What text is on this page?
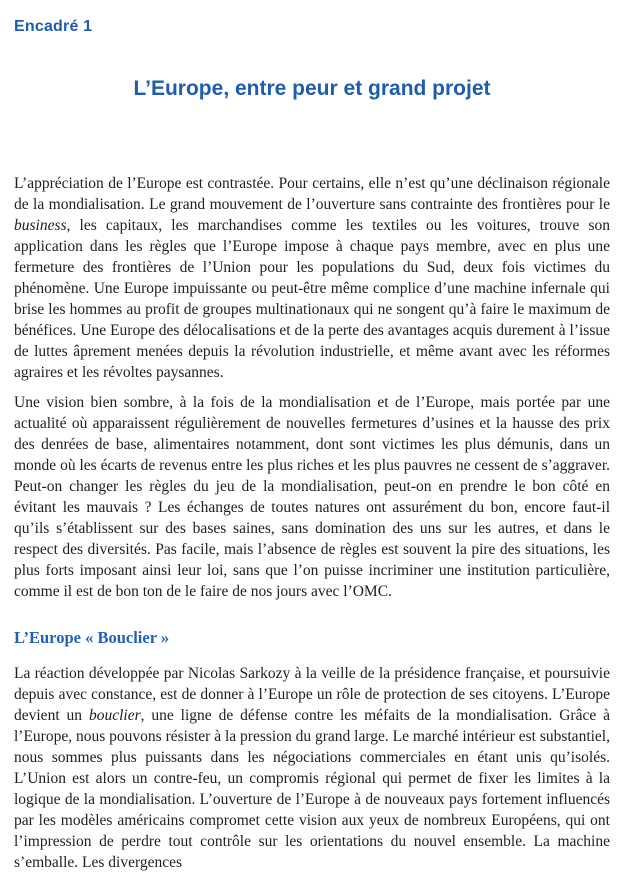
Encadré 1
L’Europe, entre peur et grand projet

L’appréciation de l’Europe est contrastée. Pour certains, elle n’est qu’une déclinaison régionale de la mondialisation. Le grand mouvement de l’ouverture sans contrainte des frontières pour le business, les capitaux, les marchandises comme les textiles ou les voitures, trouve son application dans les règles que l’Europe impose à chaque pays membre, avec en plus une fermeture des frontières de l’Union pour les populations du Sud, deux fois victimes du phénomène. Une Europe impuissante ou peut-être même complice d’une machine infernale qui brise les hommes au profit de groupes multinationaux qui ne songent qu’à faire le maximum de bénéfices. Une Europe des délocalisations et de la perte des avantages acquis durement à l’issue de luttes âprement menées depuis la révolution industrielle, et même avant avec les réformes agraires et les révoltes paysannes.

Une vision bien sombre, à la fois de la mondialisation et de l’Europe, mais portée par une actualité où apparaissent régulièrement de nouvelles fermetures d’usines et la hausse des prix des denrées de base, alimentaires notamment, dont sont victimes les plus démunis, dans un monde où les écarts de revenus entre les plus riches et les plus pauvres ne cessent de s’aggraver. Peut-on changer les règles du jeu de la mondialisation, peut-on en prendre le bon côté en évitant les mauvais ? Les échanges de toutes natures ont assurément du bon, encore faut-il qu’ils s’établissent sur des bases saines, sans domination des uns sur les autres, et dans le respect des diversités. Pas facile, mais l’absence de règles est souvent la pire des situations, les plus forts imposant ainsi leur loi, sans que l’on puisse incriminer une institution particulière, comme il est de bon ton de le faire de nos jours avec l’OMC.

L’Europe « Bouclier »

La réaction développée par Nicolas Sarkozy à la veille de la présidence française, et poursuivie depuis avec constance, est de donner à l’Europe un rôle de protection de ses citoyens. L’Europe devient un bouclier, une ligne de défense contre les méfaits de la mondialisation. Grâce à l’Europe, nous pouvons résister à la pression du grand large. Le marché intérieur est substantiel, nous sommes plus puissants dans les négociations commerciales en étant unis qu’isolés. L’Union est alors un contre-feu, un compromis régional qui permet de fixer les limites à la logique de la mondialisation. L’ouverture de l’Europe à de nouveaux pays fortement influencés par les modèles américains compromet cette vision aux yeux de nombreux Européens, qui ont l’impression de perdre tout contrôle sur les orientations du nouvel ensemble. La machine s’emballe. Les divergences
